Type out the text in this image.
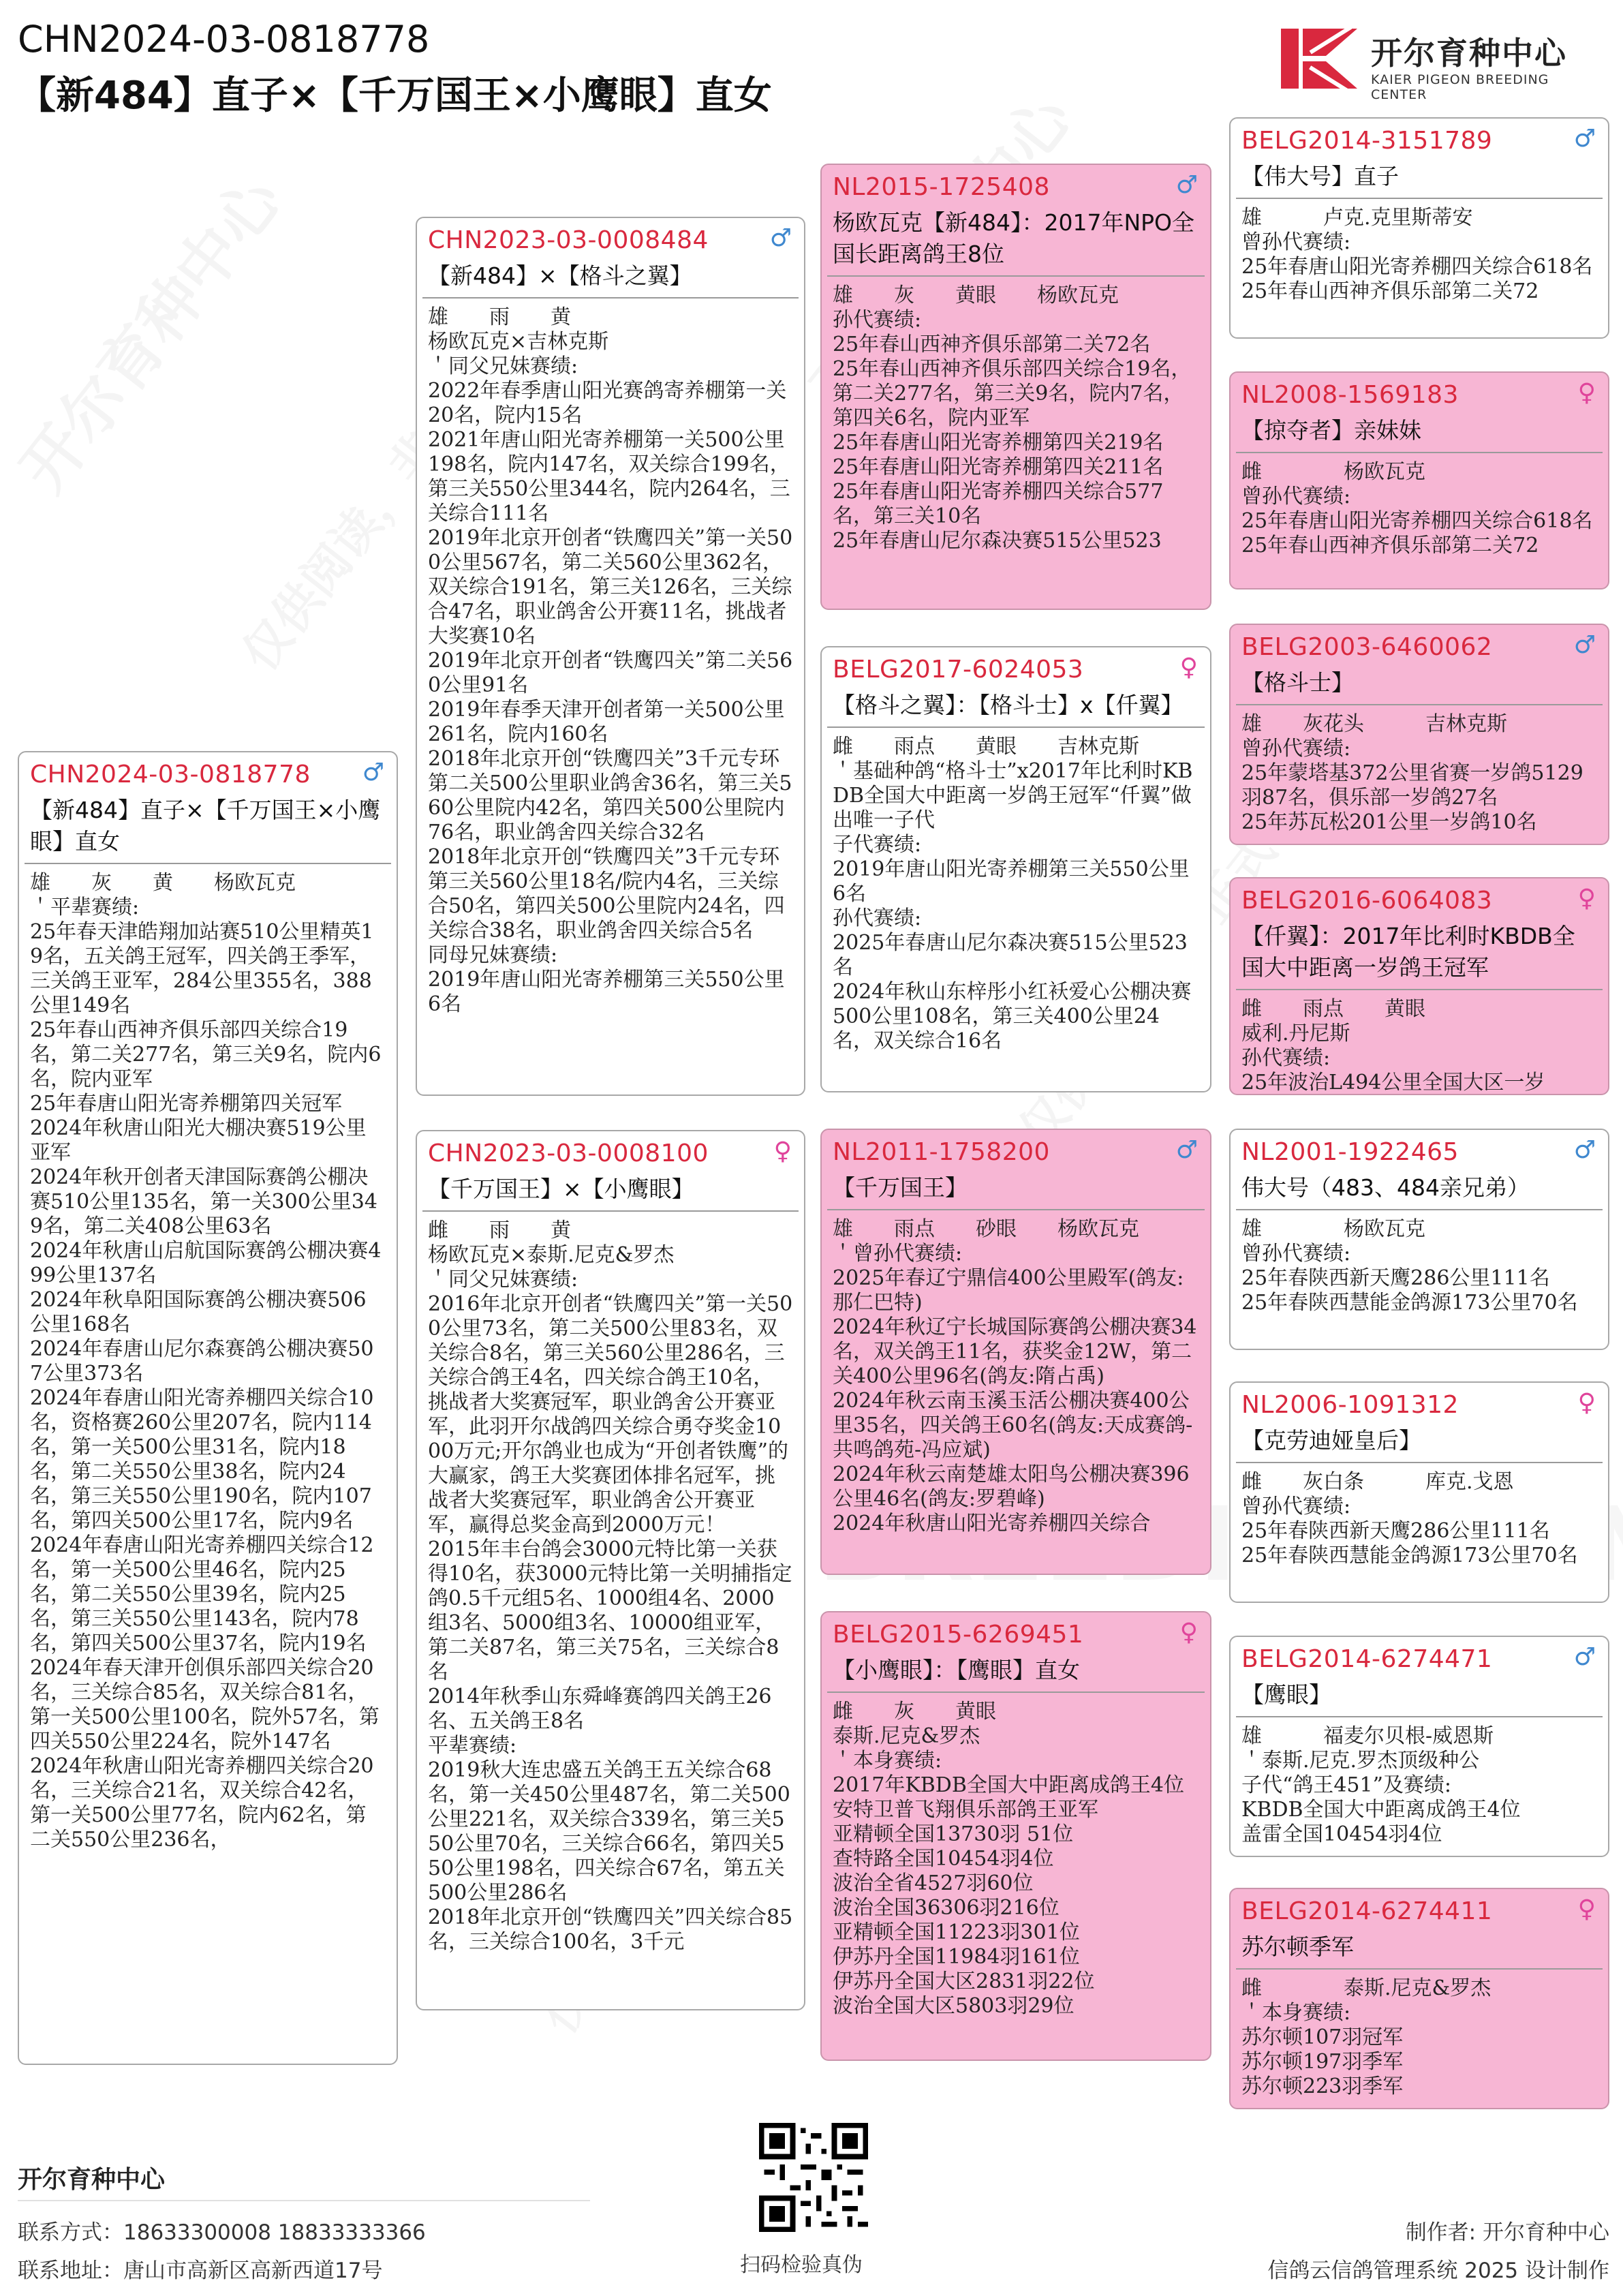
CHN2024-03-0818778
【新484】直子×【千万国王×小鹰眼】直女
开尔育种中心
KAIER PIGEON BREEDING CENTER
CHN2024-03-0818778 ♂
【新484】直子×【千万国王×小鹰眼】直女
雄　　灰　　黄　　杨欧瓦克
＇平辈赛绩:
25年春天津皓翔加站赛510公里精英19名，五关鸽王冠军，四关鸽王季军，三关鸽王亚军，284公里355名，388公里149名
25年春山西神齐俱乐部四关综合19名，第二关277名，第三关9名，院内6名，院内亚军
25年春唐山阳光寄养棚第四关冠军
2024年秋唐山阳光大棚决赛519公里亚军
2024年秋开创者天津国际赛鸽公棚决赛510公里135名，第一关300公里349名，第二关408公里63名
2024年秋唐山启航国际赛鸽公棚决赛499公里137名
2024年秋阜阳国际赛鸽公棚决赛506公里168名
2024年春唐山尼尔森赛鸽公棚决赛507公里373名
2024年春唐山阳光寄养棚四关综合10名，资格赛260公里207名，院内114名，第一关500公里31名，院内18名，第二关550公里38名，院内24名，第三关550公里190名，院内107名，第四关500公里17名，院内9名
2024年春唐山阳光寄养棚四关综合12名，第一关500公里46名，院内25名，第二关550公里39名，院内25名，第三关550公里143名，院内78名，第四关500公里37名，院内19名
2024年春天津开创俱乐部四关综合20名，三关综合85名，双关综合81名，第一关500公里100名，院外57名，第四关550公里224名，院外147名
2024年秋唐山阳光寄养棚四关综合20名，三关综合21名，双关综合42名，第一关500公里77名，院内62名，第二关550公里236名，
CHN2023-03-0008484 ♂
【新484】×【格斗之翼】
雄　　雨　　黄
杨欧瓦克×吉林克斯
＇同父兄妹赛绩:
2022年春季唐山阳光赛鸽寄养棚第一关20名，院内15名
2021年唐山阳光寄养棚第一关500公里198名，院内147名，双关综合199名，第三关550公里344名，院内264名，三关综合111名
2019年北京开创者“铁鹰四关”第一关500公里567名，第二关560公里362名，双关综合191名，第三关126名，三关综合47名，职业鸽舍公开赛11名，挑战者大奖赛10名
2019年北京开创者“铁鹰四关”第二关560公里91名
2019年春季天津开创者第一关500公里261名，院内160名
2018年北京开创“铁鹰四关”3千元专环第二关500公里职业鸽舍36名，第三关560公里院内42名，第四关500公里院内76名，职业鸽舍四关综合32名
2018年北京开创“铁鹰四关”3千元专环第三关560公里18名/院内4名，三关综合50名，第四关500公里院内24名，四关综合38名，职业鸽舍四关综合5名
同母兄妹赛绩:
2019年唐山阳光寄养棚第三关550公里6名
CHN2023-03-0008100	♀
【千万国王】×【小鹰眼】
雌　　雨　　黄
杨欧瓦克×泰斯.尼克&罗杰
＇同父兄妹赛绩:
2016年北京开创者“铁鹰四关”第一关500公里73名，第二关500公里83名，双关综合8名，第三关560公里286名，三关综合鸽王4名，四关综合鸽王10名，挑战者大奖赛冠军，职业鸽舍公开赛亚军，此羽开尔战鸽四关综合勇夺奖金1000万元;开尔鸽业也成为“开创者铁鹰”的大赢家，鸽王大奖赛团体排名冠军，挑战者大奖赛冠军，职业鸽舍公开赛亚军，赢得总奖金高到2000万元！
2015年丰台鸽会3000元特比第一关获得10名，获3000元特比第一关明捕指定鸽0.5千元组5名、1000组4名、2000组3名、5000组3名、10000组亚军，第二关87名，第三关75名，三关综合8名
2014年秋季山东舜峰赛鸽四关鸽王26名、五关鸽王8名
平辈赛绩:
2019秋大连忠盛五关鸽王五关综合68名，第一关450公里487名，第二关500公里221名，双关综合339名，第三关550公里70名，三关综合66名，第四关550公里198名，四关综合67名，第五关500公里286名
2018年北京开创“铁鹰四关”四关综合85名，三关综合100名，3千元
NL2015-1725408	♂
杨欧瓦克【新484】：2017年NPO全国长距离鸽王8位
雄　　灰　　黄眼　　杨欧瓦克
孙代赛绩:
25年春山西神齐俱乐部第二关72名
25年春山西神齐俱乐部四关综合19名，第二关277名，第三关9名，院内7名，第四关6名，院内亚军
25年春唐山阳光寄养棚第四关219名
25年春唐山阳光寄养棚第四关211名
25年春唐山阳光寄养棚四关综合577名，第三关10名
25年春唐山尼尔森决赛515公里523
BELG2017-6024053	♀
【格斗之翼】：【格斗士】x【仟翼】
雌　　雨点　　黄眼　　吉林克斯
＇基础种鸽“格斗士”x2017年比利时KBDB全国大中距离一岁鸽王冠军“仟翼”做出唯一子代
子代赛绩:
2019年唐山阳光寄养棚第三关550公里6名
孙代赛绩:
2025年春唐山尼尔森决赛515公里523名
2024年秋山东梓彤小红袄爱心公棚决赛500公里108名，第三关400公里24名，双关综合16名
NL2011-1758200	♂
【千万国王】
雄　　雨点　　砂眼　　杨欧瓦克
＇曾孙代赛绩:
2025年春辽宁鼎信400公里殿军(鸽友:那仁巴特)
2024年秋辽宁长城国际赛鸽公棚决赛34名，双关鸽王11名，获奖金12W，第二关400公里96名(鸽友:隋占禹)
2024年秋云南玉溪玉活公棚决赛400公里35名，四关鸽王60名(鸽友:天成赛鸽-共鸣鸽苑-冯应斌)
2024年秋云南楚雄太阳鸟公棚决赛396公里46名(鸽友:罗碧峰)
2024年秋唐山阳光寄养棚四关综合
BELG2015-6269451	♀
【小鹰眼】：【鹰眼】直女
雌　　灰　　黄眼
泰斯.尼克&罗杰
＇本身赛绩:
2017年KBDB全国大中距离成鸽王4位
安特卫普飞翔俱乐部鸽王亚军
亚精顿全国13730羽 51位
查特路全国10454羽4位
波治全省4527羽60位
波治全国36306羽216位
亚精顿全国11223羽301位
伊苏丹全国11984羽161位
伊苏丹全国大区2831羽22位
波治全国大区5803羽29位
BELG2014-3151789	♂
【伟大号】直子
雄　　　卢克.克里斯蒂安
曾孙代赛绩:
25年春唐山阳光寄养棚四关综合618名
25年春山西神齐俱乐部第二关72
NL2008-1569183	♀
【掠夺者】亲妹妹
雌　　　　杨欧瓦克
曾孙代赛绩:
25年春唐山阳光寄养棚四关综合618名
25年春山西神齐俱乐部第二关72
BELG2003-6460062	♂
【格斗士】
雄　　灰花头　　　吉林克斯
曾孙代赛绩:
25年蒙塔基372公里省赛一岁鸽5129羽87名，俱乐部一岁鸽27名
25年苏瓦松201公里一岁鸽10名
BELG2016-6064083	♀
【仟翼】：2017年比利时KBDB全国大中距离一岁鸽王冠军
雌　　雨点　　黄眼
威利.丹尼斯
孙代赛绩:
25年波治L494公里全国大区一岁
NL2001-1922465	♂
伟大号（483、484亲兄弟）
雄　　　　杨欧瓦克
曾孙代赛绩:
25年春陕西新天鹰286公里111名
25年春陕西慧能金鸽源173公里70名
NL2006-1091312	♀
【克劳迪娅皇后】
雌　　灰白条　　　库克.戈恩
曾孙代赛绩:
25年春陕西新天鹰286公里111名
25年春陕西慧能金鸽源173公里70名
BELG2014-6274471	♂
【鹰眼】
雄　　　福麦尔贝根-威恩斯
＇泰斯.尼克.罗杰顶级种公
子代“鸽王451”及赛绩:
KBDB全国大中距离成鸽王4位
盖雷全国10454羽4位
BELG2014-6274411	♀
苏尔顿季军
雌　　　　泰斯.尼克&罗杰
＇本身赛绩:
苏尔顿107羽冠军
苏尔顿197羽季军
苏尔顿223羽季军
开尔育种中心
联系方式：18633300008 18833333366
联系地址：唐山市高新区高新西道17号	扫码检验真伪
制作者: 开尔育种中心
信鸽云信鸽管理系统 2025 设计制作
